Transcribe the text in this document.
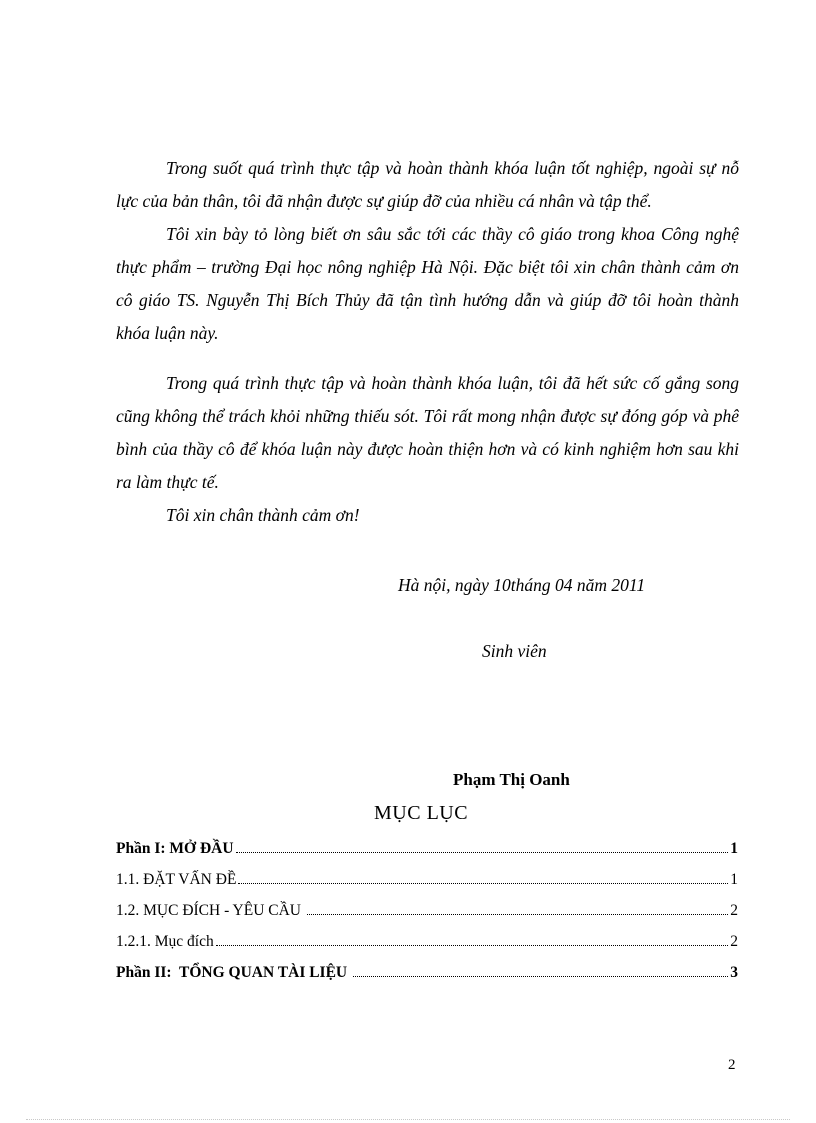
Trong suốt quá trình thực tập và hoàn thành khóa luận tốt nghiệp, ngoài sự nỗ lực của bản thân, tôi đã nhận được sự giúp đỡ của nhiều cá nhân và tập thể.

Tôi xin bày tỏ lòng biết ơn sâu sắc tới các thầy cô giáo trong khoa Công nghệ thực phẩm – trường Đại học nông nghiệp Hà Nội. Đặc biệt tôi xin chân thành cảm ơn cô giáo TS. Nguyễn Thị Bích Thủy đã tận tình hướng dẫn và giúp đỡ tôi hoàn thành khóa luận này.

Trong quá trình thực tập và hoàn thành khóa luận, tôi đã hết sức cố gắng song cũng không thể trách khỏi những thiếu sót. Tôi rất mong nhận được sự đóng góp và phê bình của thầy cô để khóa luận này được hoàn thiện hơn và có kinh nghiệm hơn sau khi ra làm thực tế.

Tôi xin chân thành cảm ơn!

Hà nội, ngày 10tháng 04 năm 2011
Sinh viên
Phạm Thị Oanh
MỤC LỤC
Phần I: MỞ ĐẦU	1
1.1. ĐẶT VẤN ĐỀ	1
1.2. MỤC ĐÍCH - YÊU CẦU	2
1.2.1. Mục đích	2
Phần II:  TỔNG QUAN TÀI LIỆU	3
2
